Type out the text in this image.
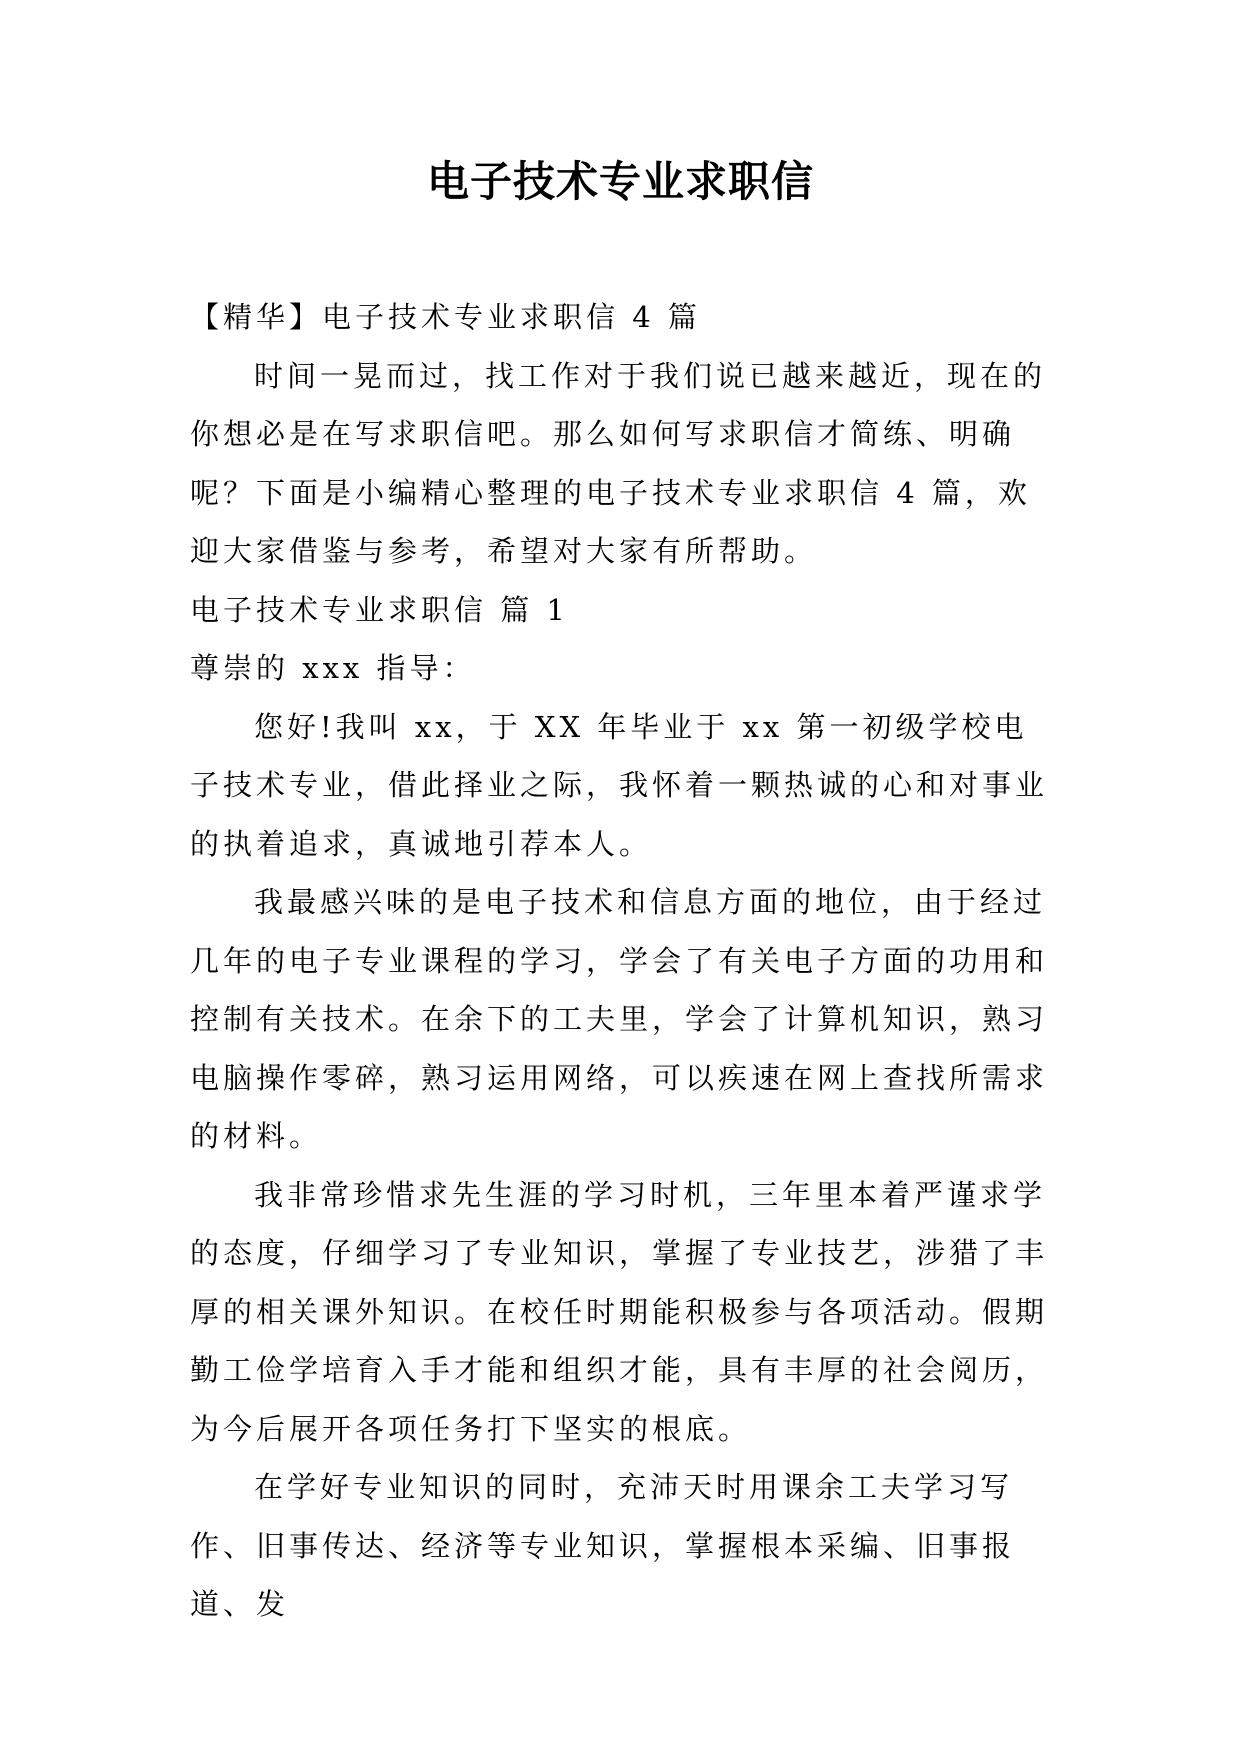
电子技术专业求职信

【精华】电子技术专业求职信 4 篇

时间一晃而过，找工作对于我们说已越来越近，现在的你想必是在写求职信吧。那么如何写求职信才简练、明确呢？下面是小编精心整理的电子技术专业求职信 4 篇，欢迎大家借鉴与参考，希望对大家有所帮助。

电子技术专业求职信 篇 1

尊崇的 xxx 指导：

您好!我叫 xx，于 XX 年毕业于 xx 第一初级学校电子技术专业，借此择业之际，我怀着一颗热诚的心和对事业的执着追求，真诚地引荐本人。

我最感兴味的是电子技术和信息方面的地位，由于经过几年的电子专业课程的学习，学会了有关电子方面的功用和控制有关技术。在余下的工夫里，学会了计算机知识，熟习电脑操作零碎，熟习运用网络，可以疾速在网上查找所需求的材料。

我非常珍惜求先生涯的学习时机，三年里本着严谨求学的态度，仔细学习了专业知识，掌握了专业技艺，涉猎了丰厚的相关课外知识。在校任时期能积极参与各项活动。假期勤工俭学培育入手才能和组织才能，具有丰厚的社会阅历，为今后展开各项任务打下坚实的根底。

在学好专业知识的同时，充沛天时用课余工夫学习写作、旧事传达、经济等专业知识，掌握根本采编、旧事报道、发
